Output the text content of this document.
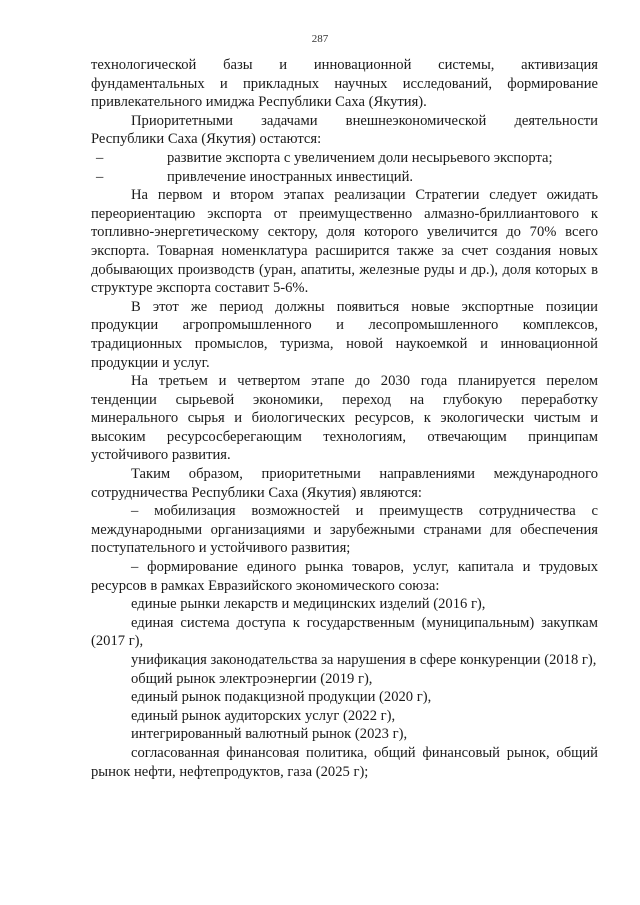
287

технологической базы и инновационной системы, активизация фундаментальных и прикладных научных исследований, формирование привлекательного имиджа Республики Саха (Якутия).

Приоритетными задачами внешнеэкономической деятельности Республики Саха (Якутия) остаются:

–	развитие экспорта с увеличением доли несырьевого экспорта;

–	привлечение иностранных инвестиций.

На первом и втором этапах реализации Стратегии следует ожидать переориентацию экспорта от преимущественно алмазно-бриллиантового к топливно-энергетическому сектору, доля которого увеличится до 70% всего экспорта. Товарная номенклатура расширится также за счет создания новых добывающих производств (уран, апатиты, железные руды и др.), доля которых в структуре экспорта составит 5-6%.

В этот же период должны появиться новые экспортные позиции продукции агропромышленного и лесопромышленного комплексов, традиционных промыслов, туризма, новой наукоемкой и инновационной продукции и услуг.

На третьем и четвертом этапе до 2030 года планируется перелом тенденции сырьевой экономики, переход на глубокую переработку минерального сырья и биологических ресурсов, к экологически чистым и высоким ресурсосберегающим технологиям, отвечающим принципам устойчивого развития.

Таким образом, приоритетными направлениями международного сотрудничества Республики Саха (Якутия) являются:

– мобилизация возможностей и преимуществ сотрудничества с международными организациями и зарубежными странами для обеспечения поступательного и устойчивого развития;

– формирование единого рынка товаров, услуг, капитала и трудовых ресурсов в рамках Евразийского экономического союза:

единые рынки лекарств и медицинских изделий (2016 г),

единая система доступа к государственным (муниципальным) закупкам (2017 г),

унификация законодательства за нарушения в сфере конкуренции (2018 г),

общий рынок электроэнергии (2019 г),

единый рынок подакцизной продукции (2020 г),

единый рынок аудиторских услуг (2022 г),

интегрированный валютный рынок (2023 г),

согласованная финансовая политика, общий финансовый рынок, общий рынок нефти, нефтепродуктов, газа (2025 г);
